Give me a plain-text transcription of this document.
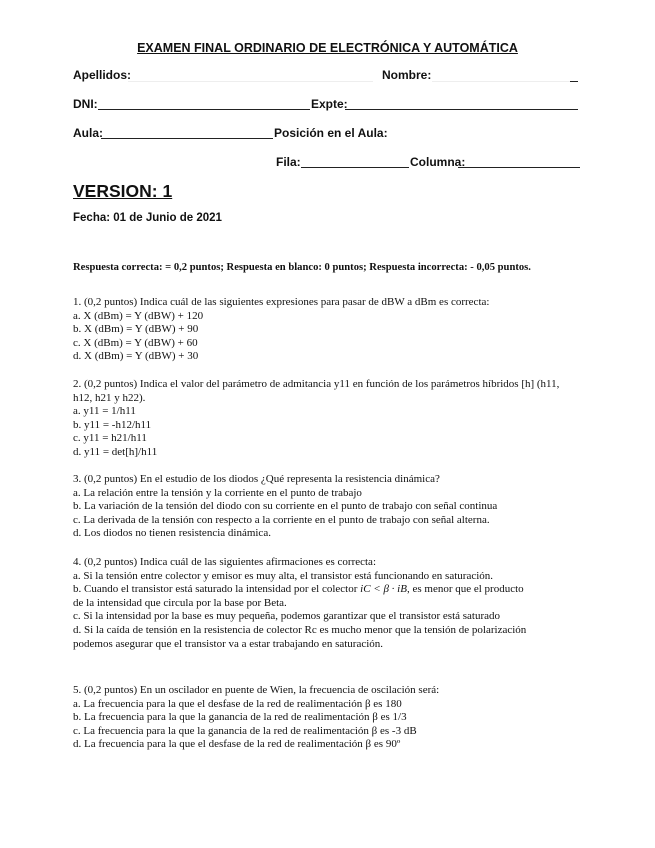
EXAMEN FINAL ORDINARIO DE ELECTRÓNICA Y AUTOMÁTICA
Apellidos:	Nombre:
DNI:	Expte:
Aula:	Posición en el Aula:
Fila:	Columna:
VERSION: 1
Fecha: 01 de Junio de 2021
Respuesta correcta: = 0,2 puntos; Respuesta en blanco: 0 puntos; Respuesta incorrecta: - 0,05 puntos.

1. (0,2 puntos) Indica cuál de las siguientes expresiones para pasar de dBW a dBm es correcta:

a. X (dBm) = Y (dBW) + 120

b. X (dBm) = Y (dBW) + 90

c. X (dBm) = Y (dBW) + 60

d. X (dBm) = Y (dBW) + 30

2. (0,2 puntos) Indica el valor del parámetro de admitancia y11 en función de los parámetros híbridos [h] (h11, h12, h21 y h22).

a. y11 = 1/h11

b. y11 = -h12/h11

c. y11 = h21/h11

d. y11 = det[h]/h11

3. (0,2 puntos) En el estudio de los diodos ¿Qué representa la resistencia dinámica?

a. La relación entre la tensión y la corriente en el punto de trabajo

b. La variación de la tensión del diodo con su corriente en el punto de trabajo con señal continua

c. La derivada de la tensión con respecto a la corriente en el punto de trabajo con señal alterna.

d. Los diodos no tienen resistencia dinámica.

4. (0,2 puntos) Indica cuál de las siguientes afirmaciones es correcta:

a. Si la tensión entre colector y emisor es muy alta, el transistor está funcionando en saturación.

b. Cuando el transistor está saturado la intensidad por el colector iC < β · iB, es menor que el producto

de la intensidad que circula por la base por Beta.

c. Si la intensidad por la base es muy pequeña, podemos garantizar que el transistor está saturado

d. Si la caída de tensión en la resistencia de colector Rc es mucho menor que la tensión de polarización

podemos asegurar que el transistor va a estar trabajando en saturación.

5. (0,2 puntos) En un oscilador en puente de Wien, la frecuencia de oscilación será:

a. La frecuencia para la que el desfase de la red de realimentación β es 180

b. La frecuencia para la que la ganancia de la red de realimentación β es 1/3

c. La frecuencia para la que la ganancia de la red de realimentación β es -3 dB

d. La frecuencia para la que el desfase de la red de realimentación β es 90º
